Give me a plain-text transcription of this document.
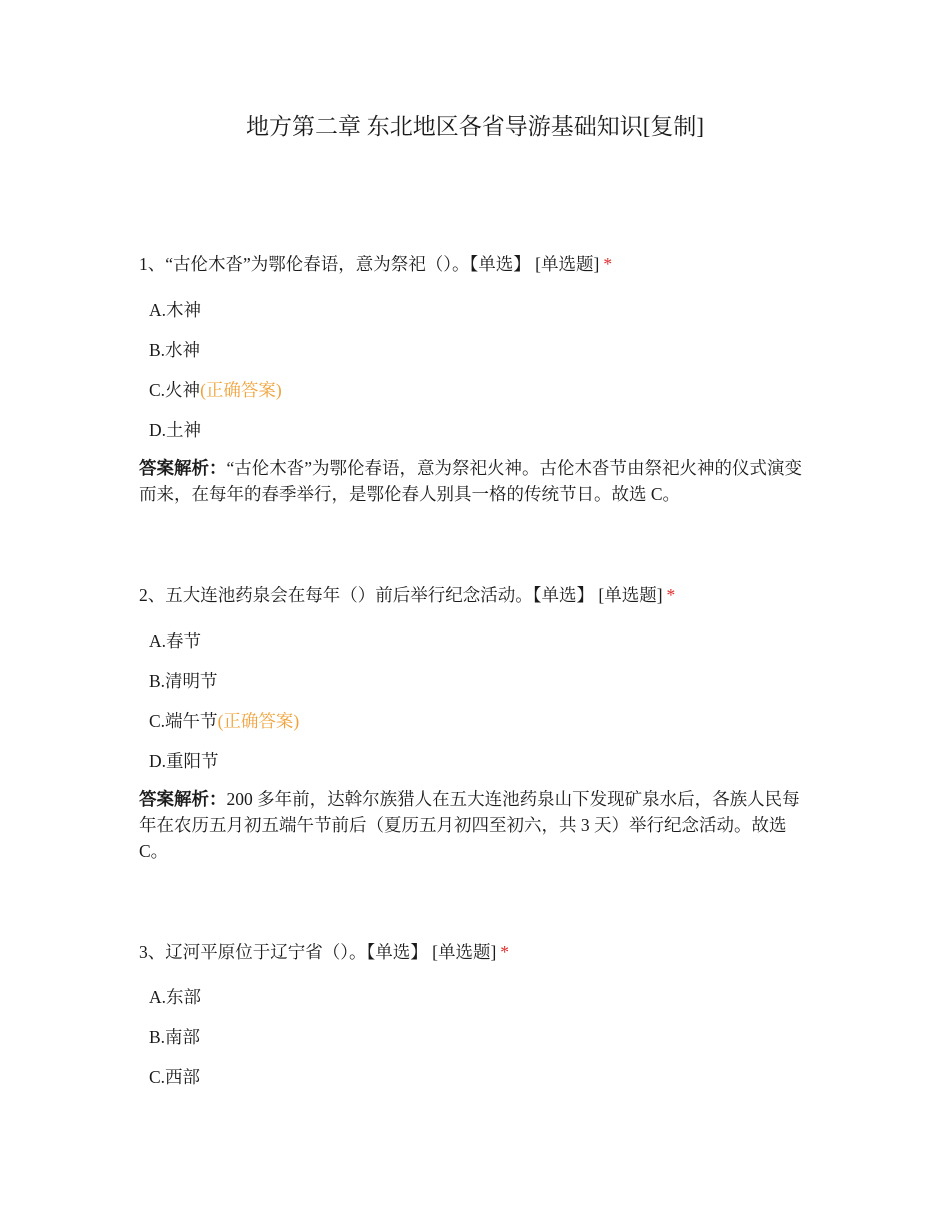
地方第二章 东北地区各省导游基础知识[复制]
1、“古伦木沓”为鄂伦春语，意为祭祀（）。【单选】 [单选题] *
A.木神
B.水神
C.火神(正确答案)
D.土神
答案解析：“古伦木沓”为鄂伦春语，意为祭祀火神。古伦木沓节由祭祀火神的仪式演变而来，在每年的春季举行，是鄂伦春人别具一格的传统节日。故选 C。
2、五大连池药泉会在每年（）前后举行纪念活动。【单选】 [单选题] *
A.春节
B.清明节
C.端午节(正确答案)
D.重阳节
答案解析：200 多年前，达斡尔族猎人在五大连池药泉山下发现矿泉水后，各族人民每年在农历五月初五端午节前后（夏历五月初四至初六，共 3 天）举行纪念活动。故选 C。
3、辽河平原位于辽宁省（）。【单选】 [单选题] *
A.东部
B.南部
C.西部
